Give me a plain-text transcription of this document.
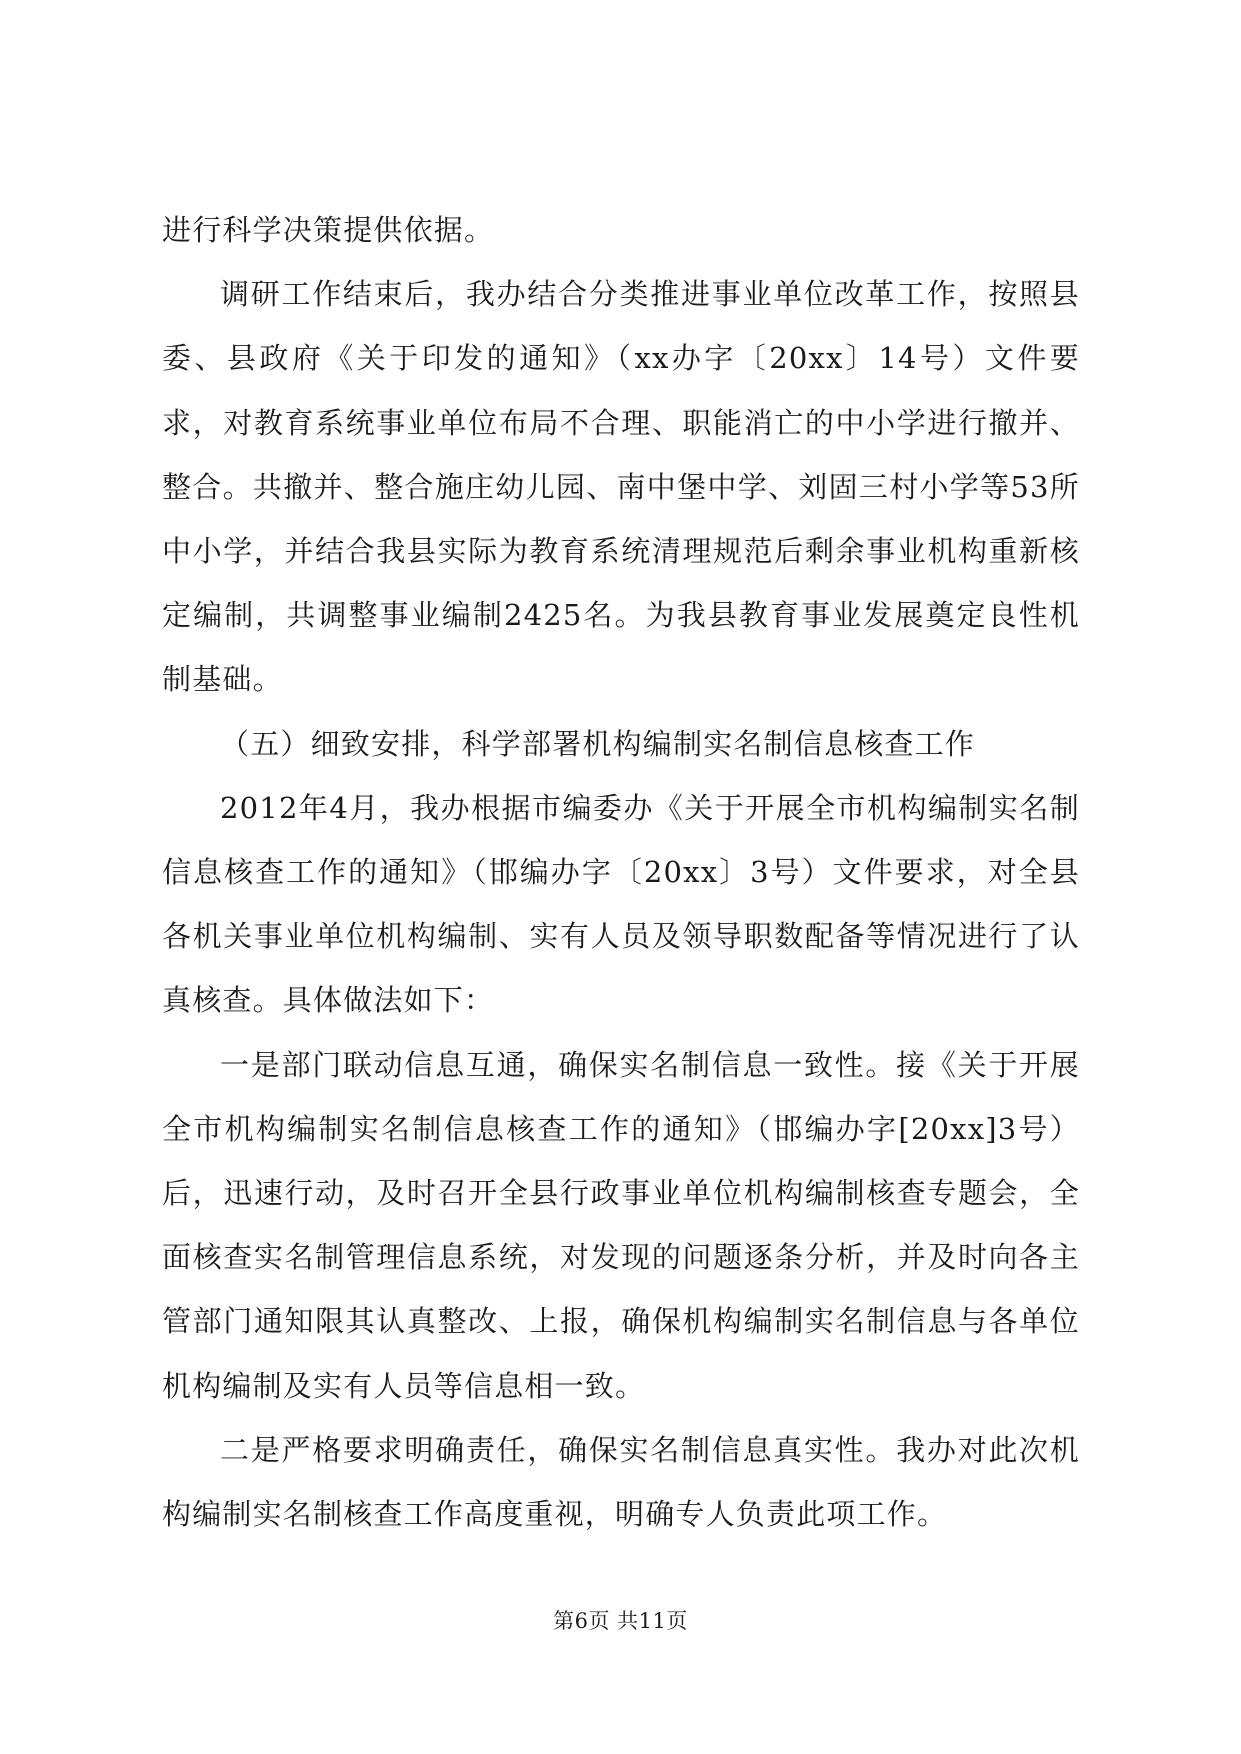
进行科学决策提供依据。

调研工作结束后，我办结合分类推进事业单位改革工作，按照县委、县政府《关于印发的通知》（xx办字〔20xx〕14号）文件要求，对教育系统事业单位布局不合理、职能消亡的中小学进行撤并、整合。共撤并、整合施庄幼儿园、南中堡中学、刘固三村小学等53所中小学，并结合我县实际为教育系统清理规范后剩余事业机构重新核定编制，共调整事业编制2425名。为我县教育事业发展奠定良性机制基础。

（五）细致安排，科学部署机构编制实名制信息核查工作

2012年4月，我办根据市编委办《关于开展全市机构编制实名制信息核查工作的通知》（邯编办字〔20xx〕3号）文件要求，对全县各机关事业单位机构编制、实有人员及领导职数配备等情况进行了认真核查。具体做法如下：

一是部门联动信息互通，确保实名制信息一致性。接《关于开展全市机构编制实名制信息核查工作的通知》（邯编办字[20xx]3号）后，迅速行动，及时召开全县行政事业单位机构编制核查专题会，全面核查实名制管理信息系统，对发现的问题逐条分析，并及时向各主管部门通知限其认真整改、上报，确保机构编制实名制信息与各单位机构编制及实有人员等信息相一致。

二是严格要求明确责任，确保实名制信息真实性。我办对此次机构编制实名制核查工作高度重视，明确专人负责此项工作。

第6页 共11页
